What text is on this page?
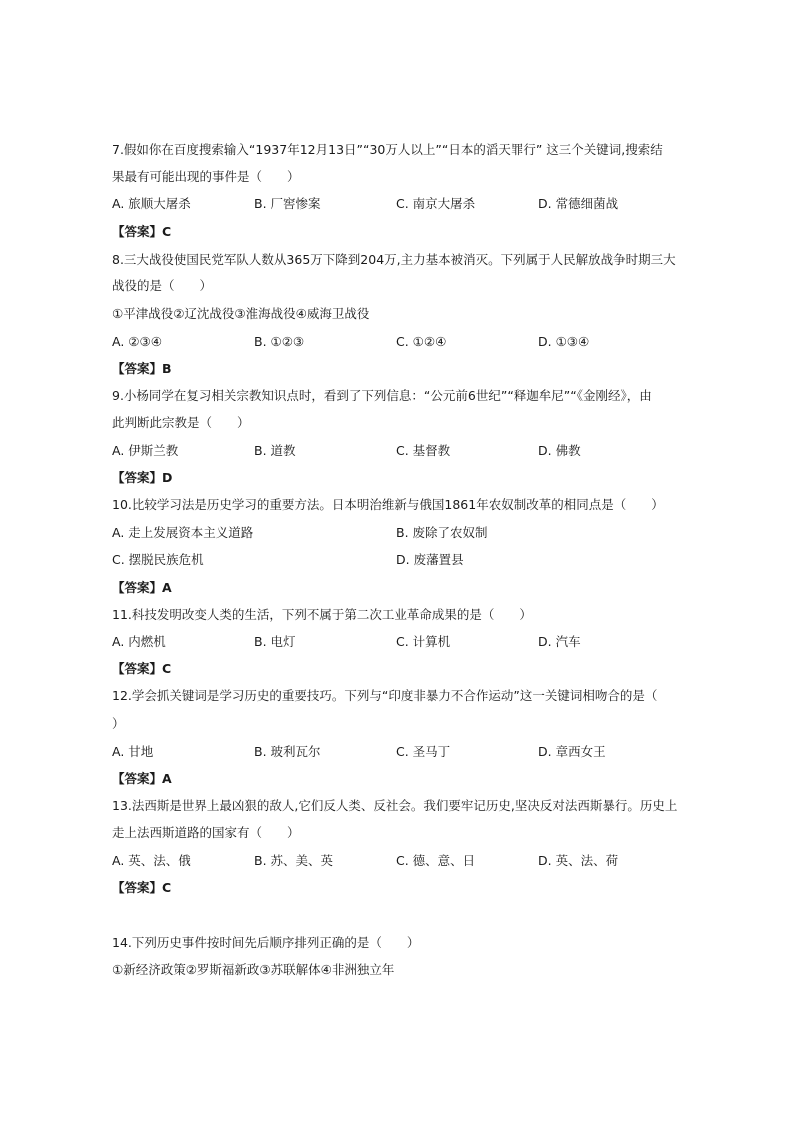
7.假如你在百度搜索输入“1937年12月13日”“30万人以上”“日本的滔天罪行” 这三个关键词,搜索结
果最有可能出现的事件是（　　）
A. 旅顺大屠杀	B. 厂窖惨案	C. 南京大屠杀	D. 常德细菌战
【答案】C
8.三大战役使国民党军队人数从365万下降到204万,主力基本被消灭。下列属于人民解放战争时期三大
战役的是（　　）
①平津战役②辽沈战役③淮海战役④威海卫战役
A. ②③④	B. ①②③	C. ①②④	D. ①③④
【答案】B
9.小杨同学在复习相关宗教知识点时，看到了下列信息：“公元前6世纪”“释迦牟尼”“《金刚经》，由
此判断此宗教是（　　）
A. 伊斯兰教	B. 道教	C. 基督教	D. 佛教
【答案】D
10.比较学习法是历史学习的重要方法。日本明治维新与俄国1861年农奴制改革的相同点是（　　）
A. 走上发展资本主义道路	B. 废除了农奴制
C. 摆脱民族危机	D. 废藩置县
【答案】A
11.科技发明改变人类的生活，下列不属于第二次工业革命成果的是（　　）
A. 内燃机	B. 电灯	C. 计算机	D. 汽车
【答案】C
12.学会抓关键词是学习历史的重要技巧。下列与“印度非暴力不合作运动”这一关键词相吻合的是（
）
A. 甘地	B. 玻利瓦尔	C. 圣马丁	D. 章西女王
【答案】A
13.法西斯是世界上最凶狠的敌人,它们反人类、反社会。我们要牢记历史,坚决反对法西斯暴行。历史上
走上法西斯道路的国家有（　　）
A. 英、法、俄	B. 苏、美、英	C. 德、意、日	D. 英、法、荷
【答案】C
14.下列历史事件按时间先后顺序排列正确的是（　　）
①新经济政策②罗斯福新政③苏联解体④非洲独立年
